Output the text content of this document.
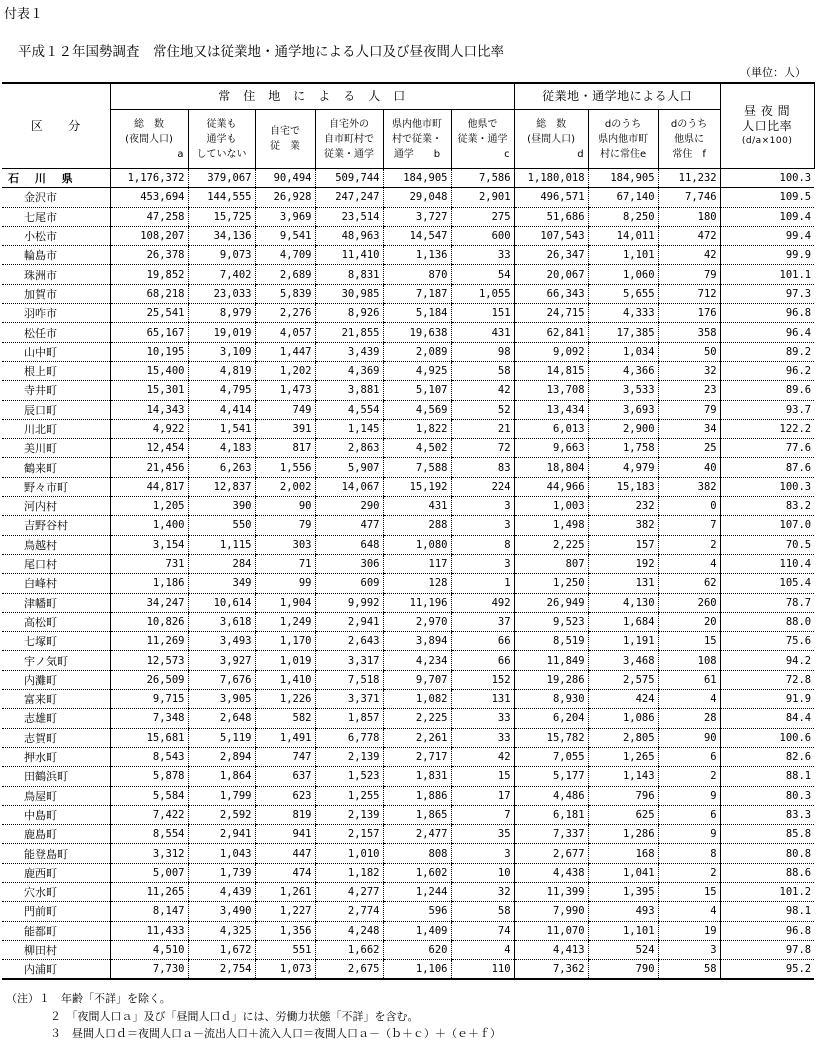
付表１
平成１２年国勢調査　常住地又は従業地・通学地による人口及び昼夜間人口比率
（単位：人）
区　　分	常　住　地　に　よ　る　人　口						従業地・通学地による人口			昼 夜 間
人口比率
(d/a×100)

	総　数
(夜間人口)
a	従業も
通学も
していない	自宅で
従　業	自宅外の
自市町村で
従業・通学	県内他市町
村で従業・
通学　　b	他県で
従業・通学
c	総　数
(昼間人口)
d	dのうち
県内他市町
村に常住e	dのうち
他県に
常住　f	

石 川 県	1,176,372	379,067	90,494	509,744	184,905	7,586	1,180,018	184,905	11,232	100.3
金沢市	453,694	144,555	26,928	247,247	29,048	2,901	496,571	67,140	7,746	109.5
七尾市	47,258	15,725	3,969	23,514	3,727	275	51,686	8,250	180	109.4
小松市	108,207	34,136	9,541	48,963	14,547	600	107,543	14,011	472	99.4
輪島市	26,378	9,073	4,709	11,410	1,136	33	26,347	1,101	42	99.9
珠洲市	19,852	7,402	2,689	8,831	870	54	20,067	1,060	79	101.1
加賀市	68,218	23,033	5,839	30,985	7,187	1,055	66,343	5,655	712	97.3
羽咋市	25,541	8,979	2,276	8,926	5,184	151	24,715	4,333	176	96.8
松任市	65,167	19,019	4,057	21,855	19,638	431	62,841	17,385	358	96.4
山中町	10,195	3,109	1,447	3,439	2,089	98	9,092	1,034	50	89.2
根上町	15,400	4,819	1,202	4,369	4,925	58	14,815	4,366	32	96.2
寺井町	15,301	4,795	1,473	3,881	5,107	42	13,708	3,533	23	89.6
辰口町	14,343	4,414	749	4,554	4,569	52	13,434	3,693	79	93.7
川北町	4,922	1,541	391	1,145	1,822	21	6,013	2,900	34	122.2
美川町	12,454	4,183	817	2,863	4,502	72	9,663	1,758	25	77.6
鶴来町	21,456	6,263	1,556	5,907	7,588	83	18,804	4,979	40	87.6
野々市町	44,817	12,837	2,002	14,067	15,192	224	44,966	15,183	382	100.3
河内村	1,205	390	90	290	431	3	1,003	232	0	83.2
吉野谷村	1,400	550	79	477	288	3	1,498	382	7	107.0
鳥越村	3,154	1,115	303	648	1,080	8	2,225	157	2	70.5
尾口村	731	284	71	306	117	3	807	192	4	110.4
白峰村	1,186	349	99	609	128	1	1,250	131	62	105.4
津幡町	34,247	10,614	1,904	9,992	11,196	492	26,949	4,130	260	78.7
高松町	10,826	3,618	1,249	2,941	2,970	37	9,523	1,684	20	88.0
七塚町	11,269	3,493	1,170	2,643	3,894	66	8,519	1,191	15	75.6
宇ノ気町	12,573	3,927	1,019	3,317	4,234	66	11,849	3,468	108	94.2
内灘町	26,509	7,676	1,410	7,518	9,707	152	19,286	2,575	61	72.8
富来町	9,715	3,905	1,226	3,371	1,082	131	8,930	424	4	91.9
志雄町	7,348	2,648	582	1,857	2,225	33	6,204	1,086	28	84.4
志賀町	15,681	5,119	1,491	6,778	2,261	33	15,782	2,805	90	100.6
押水町	8,543	2,894	747	2,139	2,717	42	7,055	1,265	6	82.6
田鶴浜町	5,878	1,864	637	1,523	1,831	15	5,177	1,143	2	88.1
鳥屋町	5,584	1,799	623	1,255	1,886	17	4,486	796	9	80.3
中島町	7,422	2,592	819	2,139	1,865	7	6,181	625	6	83.3
鹿島町	8,554	2,941	941	2,157	2,477	35	7,337	1,286	9	85.8
能登島町	3,312	1,043	447	1,010	808	3	2,677	168	8	80.8
鹿西町	5,007	1,739	474	1,182	1,602	10	4,438	1,041	2	88.6
穴水町	11,265	4,439	1,261	4,277	1,244	32	11,399	1,395	15	101.2
門前町	8,147	3,490	1,227	2,774	596	58	7,990	493	4	98.1
能都町	11,433	4,325	1,356	4,248	1,409	74	11,070	1,101	19	96.8
柳田村	4,510	1,672	551	1,662	620	4	4,413	524	3	97.8
内浦町	7,730	2,754	1,073	2,675	1,106	110	7,362	790	58	95.2
（注）１　年齢「不詳」を除く。
２　「夜間人口ａ」及び「昼間人口ｄ」には、労働力状態「不詳」を含む。
３　昼間人口ｄ＝夜間人口ａ－流出人口＋流入人口＝夜間人口ａ－（ｂ＋ｃ）＋（ｅ＋ｆ）
